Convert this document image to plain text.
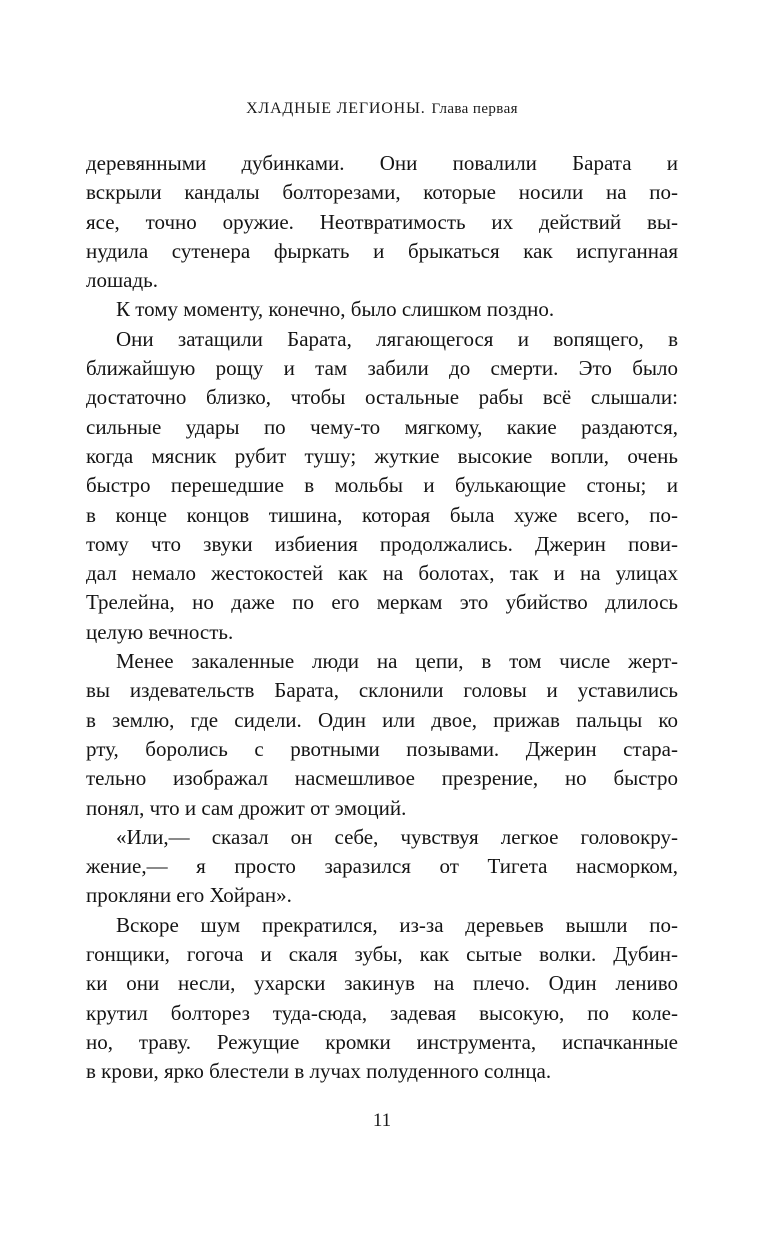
ХЛАДНЫЕ ЛЕГИОНЫ. Глава первая
деревянными дубинками. Они повалили Барата и
вскрыли кандалы болторезами, которые носили на по-
ясе, точно оружие. Неотвратимость их действий вы-
нудила сутенера фыркать и брыкаться как испуганная
лошадь.
К тому моменту, конечно, было слишком поздно.
Они затащили Барата, лягающегося и вопящего, в
ближайшую рощу и там забили до смерти. Это было
достаточно близко, чтобы остальные рабы всё слышали:
сильные удары по чему-то мягкому, какие раздаются,
когда мясник рубит тушу; жуткие высокие вопли, очень
быстро перешедшие в мольбы и булькающие стоны; и
в конце концов тишина, которая была хуже всего, по-
тому что звуки избиения продолжались. Джерин пови-
дал немало жестокостей как на болотах, так и на улицах
Трелейна, но даже по его меркам это убийство длилось
целую вечность.
Менее закаленные люди на цепи, в том числе жерт-
вы издевательств Барата, склонили головы и уставились
в землю, где сидели. Один или двое, прижав пальцы ко
рту, боролись с рвотными позывами. Джерин стара-
тельно изображал насмешливое презрение, но быстро
понял, что и сам дрожит от эмоций.
«Или,— сказал он себе, чувствуя легкое головокру-
жение,— я просто заразился от Тигета насморком,
прокляни его Хойран».
Вскоре шум прекратился, из-за деревьев вышли по-
гонщики, гогоча и скаля зубы, как сытые волки. Дубин-
ки они несли, ухарски закинув на плечо. Один лениво
крутил болторез туда-сюда, задевая высокую, по коле-
но, траву. Режущие кромки инструмента, испачканные
в крови, ярко блестели в лучах полуденного солнца.
11
